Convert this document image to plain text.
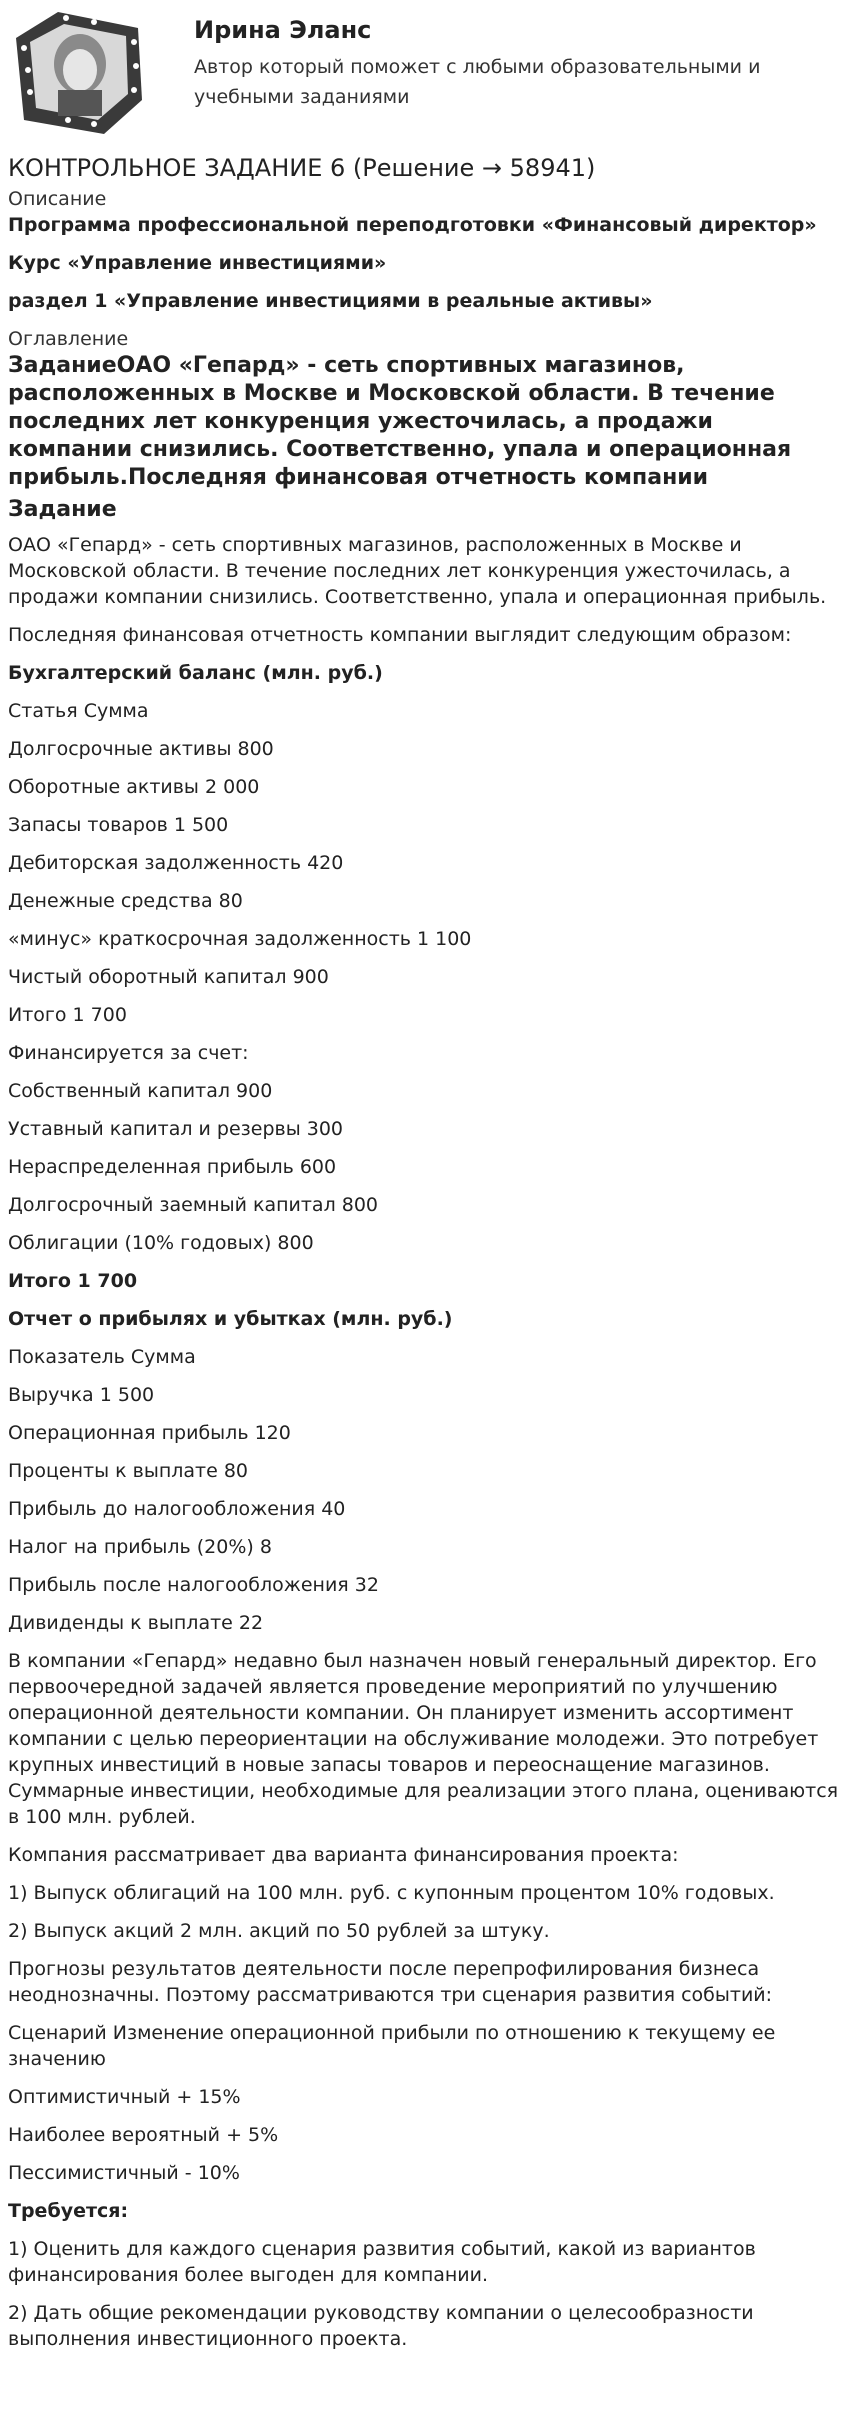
Ирина Эланс
Автор который поможет с любыми образовательными и учебными заданиями
КОНТРОЛЬНОЕ ЗАДАНИЕ 6 (Решение → 58941)
Описание

Программа профессиональной переподготовки «Финансовый директор»

Курс «Управление инвестициями»

раздел 1 «Управление инвестициями в реальные активы»

Оглавление
ЗаданиеОАО «Гепард» - сеть спортивных магазинов, расположенных в Москве и Московской области. В течение последних лет конкуренция ужесточилась, а продажи компании снизились. Соответственно, упала и операционная прибыль.Последняя финансовая отчетность компании
Задание

ОАО «Гепард» - сеть спортивных магазинов, расположенных в Москве и Московской области. В течение последних лет конкуренция ужесточилась, а продажи компании снизились. Соответственно, упала и операционная прибыль.

Последняя финансовая отчетность компании выглядит следующим образом:

Бухгалтерский баланс (млн. руб.)

Статья Сумма
Долгосрочные активы 800
Оборотные активы 2 000
Запасы товаров 1 500
Дебиторская задолженность 420
Денежные средства 80
«минус» краткосрочная задолженность 1 100
Чистый оборотный капитал 900
Итого 1 700
Финансируется за счет:
Собственный капитал 900
Уставный капитал и резервы 300
Нераспределенная прибыль 600
Долгосрочный заемный капитал 800
Облигации (10% годовых) 800
Итого 1 700
Отчет о прибылях и убытках (млн. руб.)
Показатель Сумма
Выручка 1 500
Операционная прибыль 120
Проценты к выплате 80
Прибыль до налогообложения 40
Налог на прибыль (20%) 8
Прибыль после налогообложения 32
Дивиденды к выплате 22

В компании «Гепард» недавно был назначен новый генеральный директор. Его первоочередной задачей является проведение мероприятий по улучшению операционной деятельности компании. Он планирует изменить ассортимент компании с целью переориентации на обслуживание молодежи. Это потребует крупных инвестиций в новые запасы товаров и переоснащение магазинов. Суммарные инвестиции, необходимые для реализации этого плана, оцениваются в 100 млн. рублей.

Компания рассматривает два варианта финансирования проекта:

1) Выпуск облигаций на 100 млн. руб. с купонным процентом 10% годовых.
2) Выпуск акций 2 млн. акций по 50 рублей за штуку.

Прогнозы результатов деятельности после перепрофилирования бизнеса неоднозначны. Поэтому рассматриваются три сценария развития событий:

Сценарий Изменение операционной прибыли по отношению к текущему ее значению

Оптимистичный + 15%
Наиболее вероятный + 5%
Пессимистичный - 10%
Требуется:

1) Оценить для каждого сценария развития событий, какой из вариантов финансирования более выгоден для компании.

2) Дать общие рекомендации руководству компании о целесообразности выполнения инвестиционного проекта.
